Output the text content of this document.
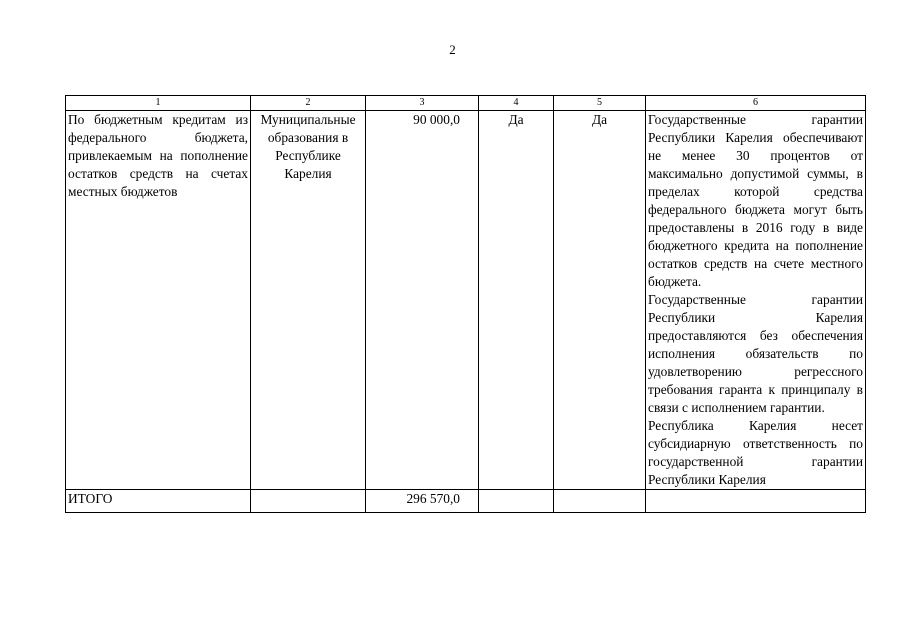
2
1	2	3	4	5	6
По бюджетным кредитам из федерального бюджета, привлекаемым на пополнение остатков средств на счетах местных бюджетов	Муниципальные образования в Республике Карелия	90 000,0	Да	Да	Государственные гарантии Республики Карелия обеспечивают не менее 30 процентов от максимально допустимой суммы, в пределах которой средства федерального бюджета могут быть предоставлены в 2016 году в виде бюджетного кредита на пополнение остатков средств на счете местного бюджета.
Государственные гарантии Республики Карелия предоставляются без обеспечения исполнения обязательств по удовлетворению регрессного требования гаранта к принципалу в связи с исполнением гарантии.
Республика Карелия несет субсидиарную ответственность по государственной гарантии Республики Карелия

ИТОГО		296 570,0			
